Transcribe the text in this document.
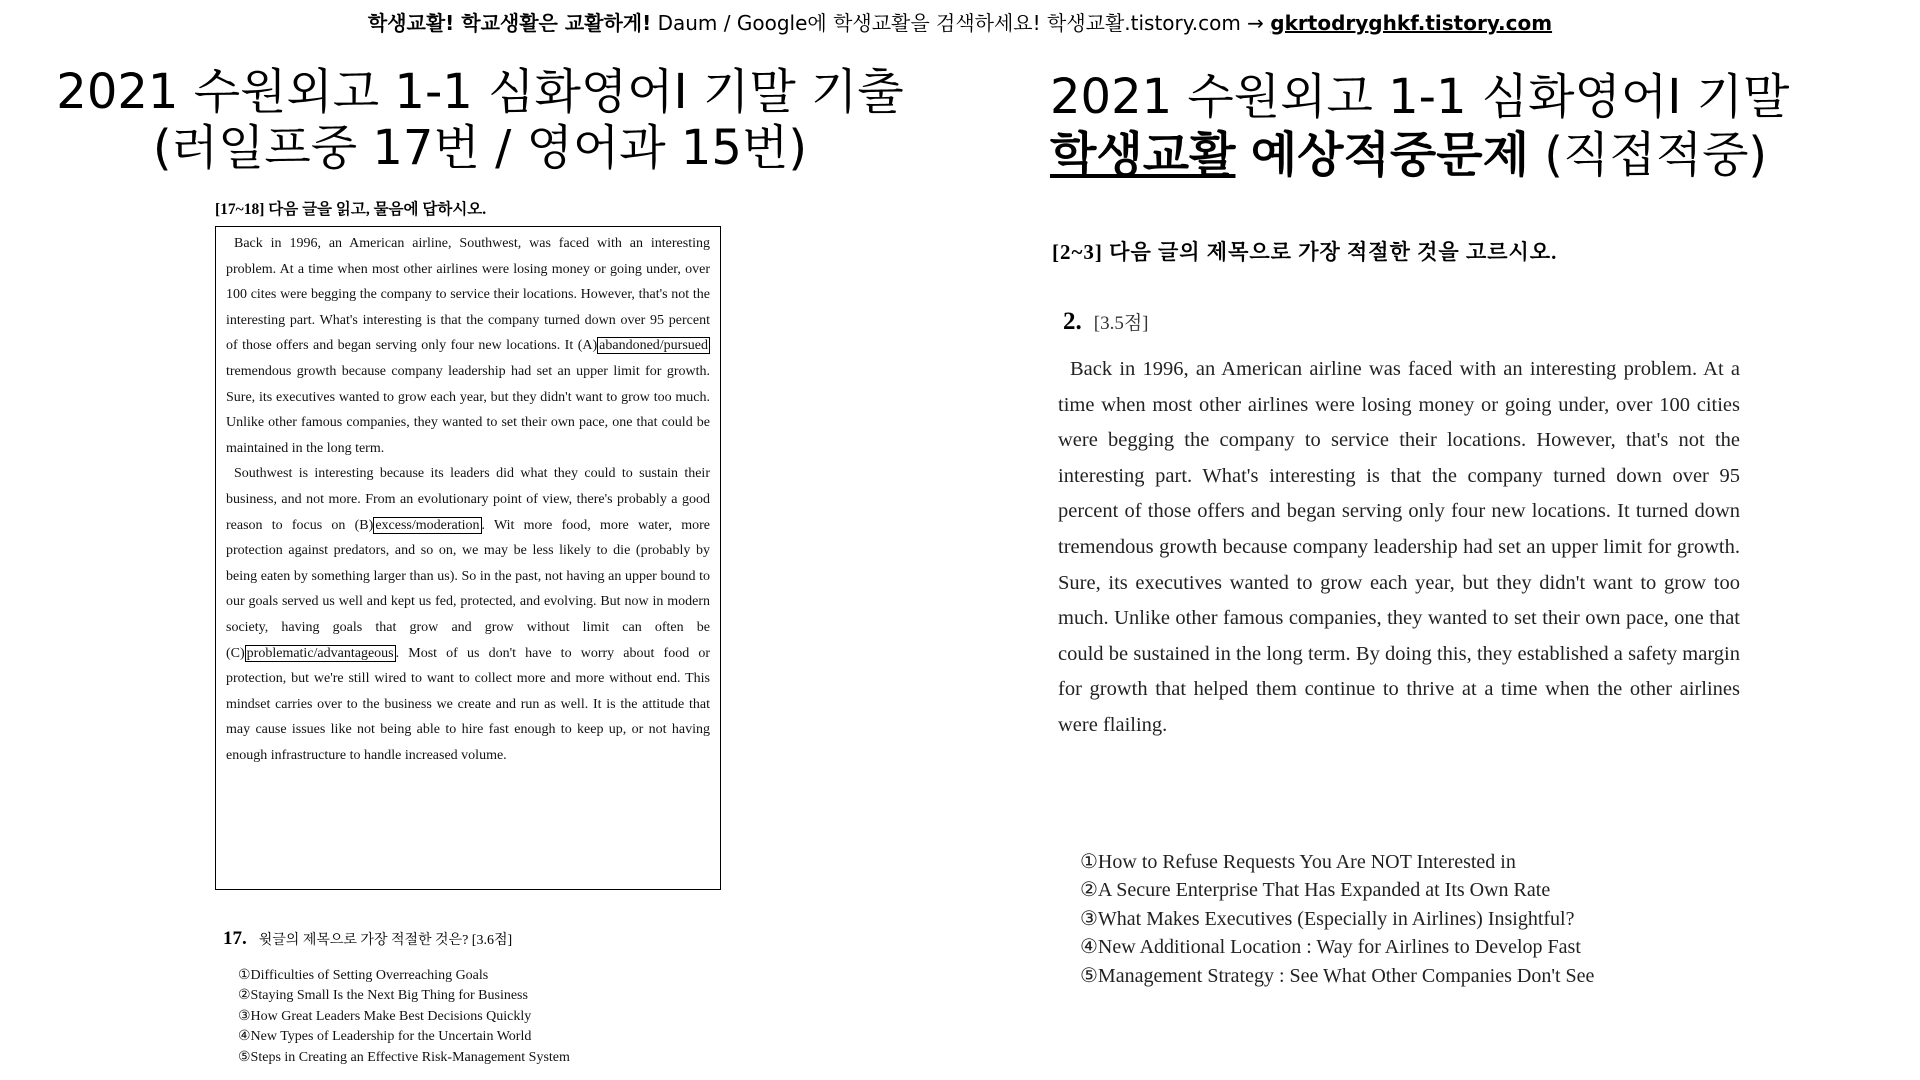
학생교활! 학교생활은 교활하게! Daum / Google에 학생교활을 검색하세요! 학생교활.tistory.com → gkrtodryghkf.tistory.com
2021 수원외고 1-1 심화영어I 기말 기출
(러일프중 17번 / 영어과 15번)
2021 수원외고 1-1 심화영어I 기말
학생교활 예상적중문제 (직접적중)
[17~18] 다음 글을 읽고, 물음에 답하시오.

Back in 1996, an American airline, Southwest, was faced with an interesting problem. At a time when most other airlines were losing money or going under, over 100 cites were begging the company to service their locations. However, that's not the interesting part. What's interesting is that the company turned down over 95 percent of those offers and began serving only four new locations. It (A) abandoned/pursued tremendous growth because company leadership had set an upper limit for growth. Sure, its executives wanted to grow each year, but they didn't want to grow too much. Unlike other famous companies, they wanted to set their own pace, one that could be maintained in the long term.

Southwest is interesting because its leaders did what they could to sustain their business, and not more. From an evolutionary point of view, there's probably a good reason to focus on (B) excess/moderation . Wit more food, more water, more protection against predators, and so on, we may be less likely to die (probably by being eaten by something larger than us). So in the past, not having an upper bound to our goals served us well and kept us fed, protected, and evolving. But now in modern society, having goals that grow and grow without limit can often be (C) problematic/advantageous . Most of us don't have to worry about food or protection, but we're still wired to want to collect more and more without end. This mindset carries over to the business we create and run as well. It is the attitude that may cause issues like not being able to hire fast enough to keep up, or not having enough infrastructure to handle increased volume.

17. 윗글의 제목으로 가장 적절한 것은? [3.6점]
①Difficulties of Setting Overreaching Goals
②Staying Small Is the Next Big Thing for Business
③How Great Leaders Make Best Decisions Quickly
④New Types of Leadership for the Uncertain World
⑤Steps in Creating an Effective Risk-Management System
[2~3] 다음 글의 제목으로 가장 적절한 것을 고르시오.
2. [3.5점]

Back in 1996, an American airline was faced with an interesting problem. At a time when most other airlines were losing money or going under, over 100 cities were begging the company to service their locations. However, that's not the interesting part. What's interesting is that the company turned down over 95 percent of those offers and began serving only four new locations. It turned down tremendous growth because company leadership had set an upper limit for growth. Sure, its executives wanted to grow each year, but they didn't want to grow too much. Unlike other famous companies, they wanted to set their own pace, one that could be sustained in the long term. By doing this, they established a safety margin for growth that helped them continue to thrive at a time when the other airlines were flailing.

①How to Refuse Requests You Are NOT Interested in
②A Secure Enterprise That Has Expanded at Its Own Rate
③What Makes Executives (Especially in Airlines) Insightful?
④New Additional Location : Way for Airlines to Develop Fast
⑤Management Strategy : See What Other Companies Don't See
